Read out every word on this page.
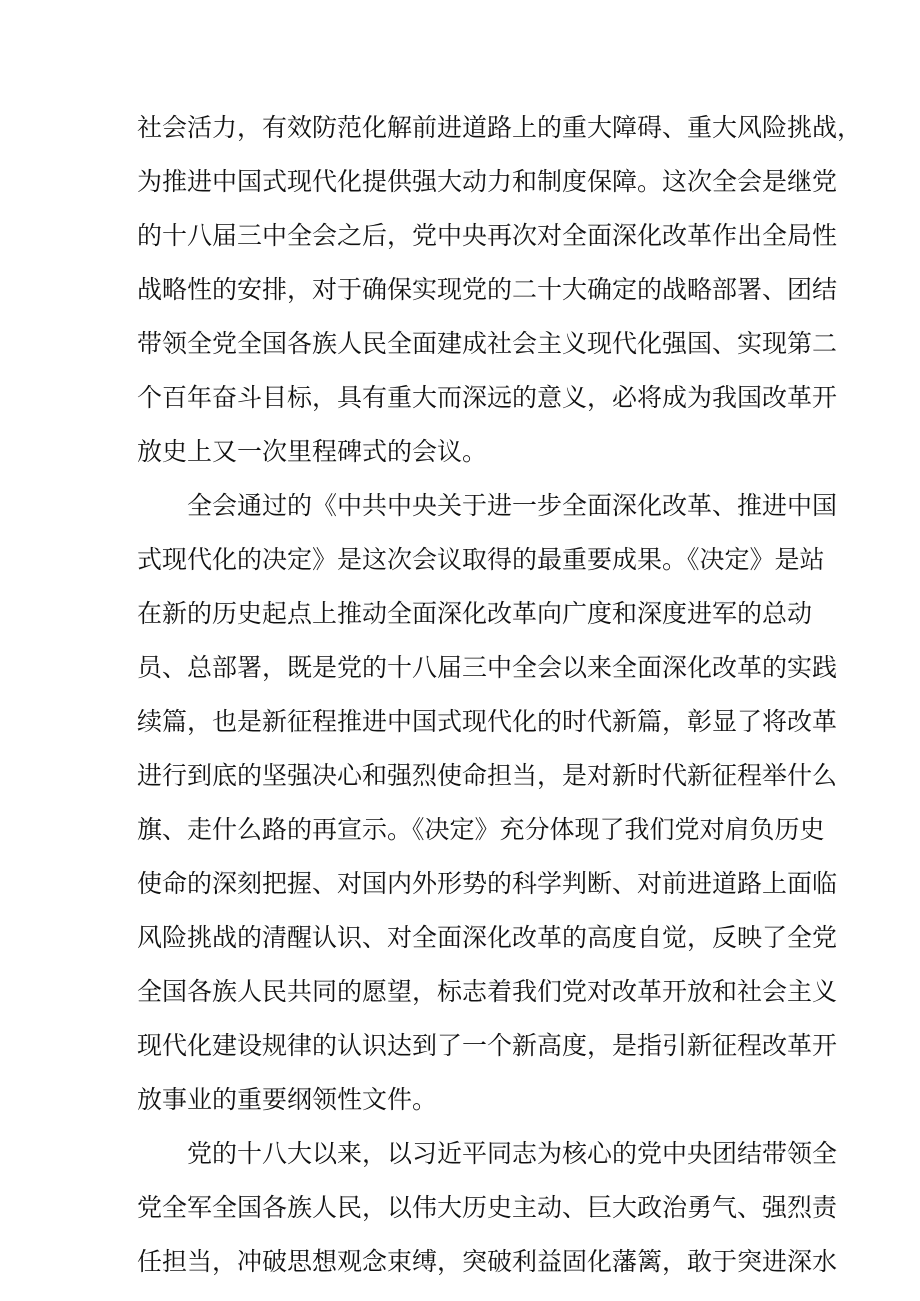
社会活力，有效防范化解前进道路上的重大障碍、重大风险挑战，
为推进中国式现代化提供强大动力和制度保障。这次全会是继党
的十八届三中全会之后，党中央再次对全面深化改革作出全局性
战略性的安排，对于确保实现党的二十大确定的战略部署、团结
带领全党全国各族人民全面建成社会主义现代化强国、实现第二
个百年奋斗目标，具有重大而深远的意义，必将成为我国改革开
放史上又一次里程碑式的会议。
全会通过的《中共中央关于进一步全面深化改革、推进中国
式现代化的决定》是这次会议取得的最重要成果。《决定》是站
在新的历史起点上推动全面深化改革向广度和深度进军的总动
员、总部署，既是党的十八届三中全会以来全面深化改革的实践
续篇，也是新征程推进中国式现代化的时代新篇，彰显了将改革
进行到底的坚强决心和强烈使命担当，是对新时代新征程举什么
旗、走什么路的再宣示。《决定》充分体现了我们党对肩负历史
使命的深刻把握、对国内外形势的科学判断、对前进道路上面临
风险挑战的清醒认识、对全面深化改革的高度自觉，反映了全党
全国各族人民共同的愿望，标志着我们党对改革开放和社会主义
现代化建设规律的认识达到了一个新高度，是指引新征程改革开
放事业的重要纲领性文件。
党的十八大以来，以习近平同志为核心的党中央团结带领全
党全军全国各族人民，以伟大历史主动、巨大政治勇气、强烈责
任担当，冲破思想观念束缚，突破利益固化藩篱，敢于突进深水
